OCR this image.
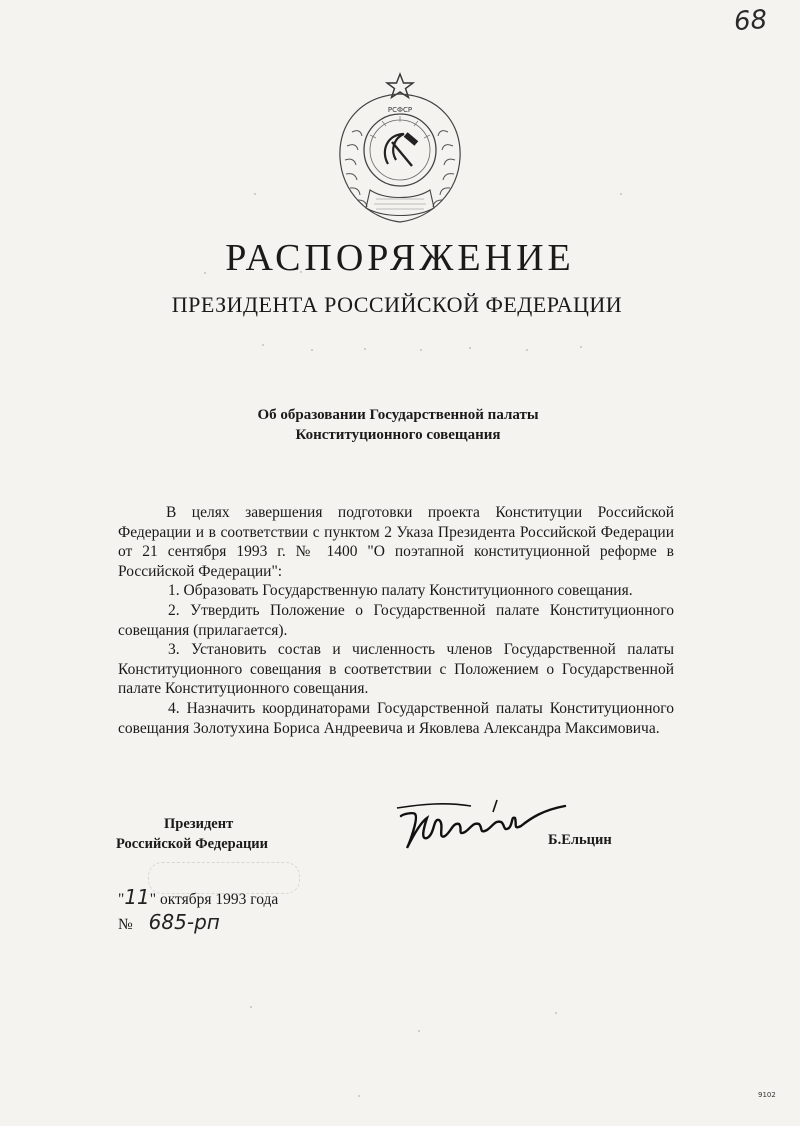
68
РСФСР
РАСПОРЯЖЕНИЕ
ПРЕЗИДЕНТА РОССИЙСКОЙ ФЕДЕРАЦИИ
Об образовании Государственной палаты
Конституционного совещания

В целях завершения подготовки проекта Конституции Российской Федерации и в соответствии с пунктом 2 Указа Президента Российской Федерации от 21 сентября 1993 г. № 1400 "О поэтапной конституционной реформе в Российской Федерации":

1. Образовать Государственную палату Конституционного совещания.

2. Утвердить Положение о Государственной палате Конституционного совещания (прилагается).

3. Установить состав и численность членов Государственной палаты Конституционного совещания в соответствии с Положением о Государственной палате Конституционного совещания.

4. Назначить координаторами Государственной палаты Конституционного совещания Золотухина Бориса Андреевича и Яковлева Александра Максимовича.

Президент
Российской Федерации	Б.Ельцин
"11" октября 1993 года
№ 685-рп
9102
